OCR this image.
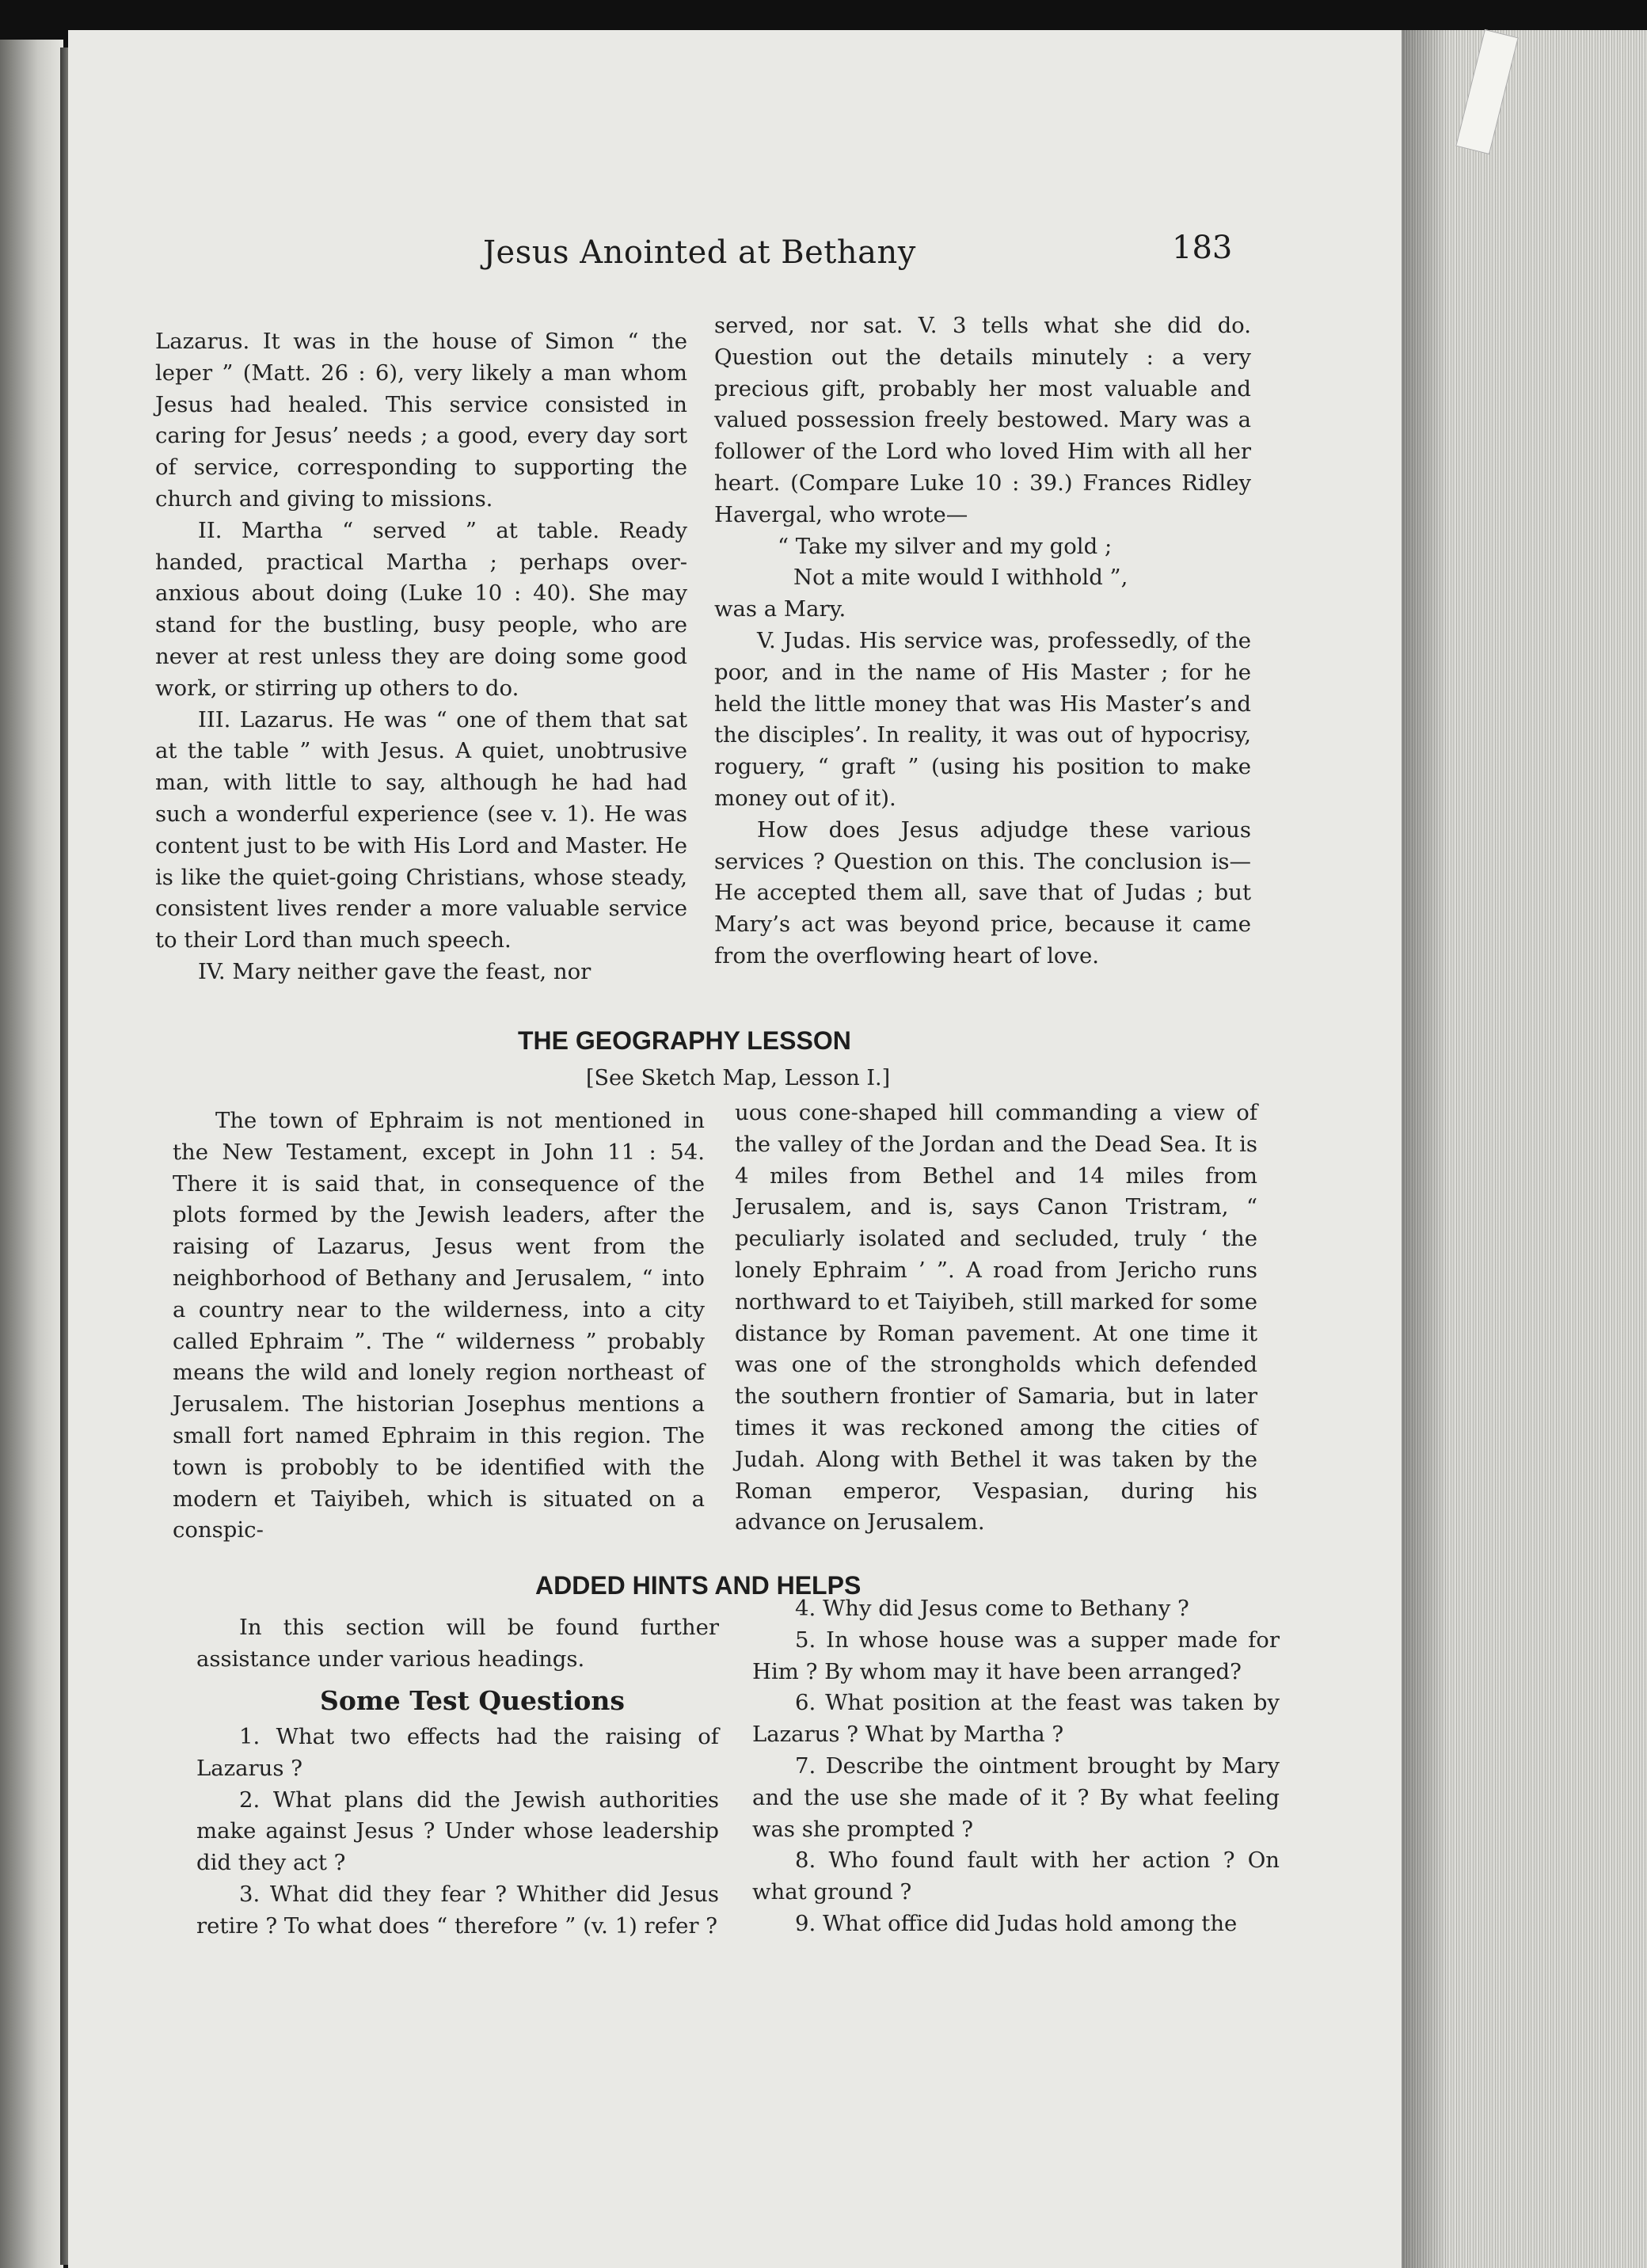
Jesus Anointed at Bethany	183

Lazarus. It was in the house of Simon “ the leper ” (Matt. 26 : 6), very likely a man whom Jesus had healed. This service consisted in caring for Jesus’ needs ; a good, every day sort of service, corresponding to supporting the church and giving to missions.

II. Martha “ served ” at table. Ready handed, practical Martha ; perhaps over-anxious about doing (Luke 10 : 40). She may stand for the bustling, busy people, who are never at rest unless they are doing some good work, or stirring up others to do.

III. Lazarus. He was “ one of them that sat at the table ” with Jesus. A quiet, unobtrusive man, with little to say, although he had had such a wonderful experience (see v. 1). He was content just to be with His Lord and Master. He is like the quiet-going Christians, whose steady, consistent lives render a more valuable service to their Lord than much speech.

IV. Mary neither gave the feast, nor

served, nor sat. V. 3 tells what she did do. Question out the details minutely : a very precious gift, probably her most valuable and valued possession freely bestowed. Mary was a follower of the Lord who loved Him with all her heart. (Compare Luke 10 : 39.) Frances Ridley Havergal, who wrote—

“ Take my silver and my gold ;

Not a mite would I withhold ”,

was a Mary.

V. Judas. His service was, professedly, of the poor, and in the name of His Master ; for he held the little money that was His Master’s and the disciples’. In reality, it was out of hypocrisy, roguery, “ graft ” (using his position to make money out of it).

How does Jesus adjudge these various services ? Question on this. The conclusion is—He accepted them all, save that of Judas ; but Mary’s act was beyond price, because it came from the overflowing heart of love.

THE GEOGRAPHY LESSON
[See Sketch Map, Lesson I.]

The town of Ephraim is not mentioned in the New Testament, except in John 11 : 54. There it is said that, in consequence of the plots formed by the Jewish leaders, after the raising of Lazarus, Jesus went from the neighborhood of Bethany and Jerusalem, “ into a country near to the wilderness, into a city called Ephraim ”. The “ wilderness ” probably means the wild and lonely region northeast of Jerusalem. The historian Josephus mentions a small fort named Ephraim in this region. The town is probobly to be identified with the modern et Taiyibeh, which is situated on a conspic-

uous cone-shaped hill commanding a view of the valley of the Jordan and the Dead Sea. It is 4 miles from Bethel and 14 miles from Jerusalem, and is, says Canon Tristram, “ peculiarly isolated and secluded, truly ‘ the lonely Ephraim ’ ”. A road from Jericho runs northward to et Taiyibeh, still marked for some distance by Roman pavement. At one time it was one of the strongholds which defended the southern frontier of Samaria, but in later times it was reckoned among the cities of Judah. Along with Bethel it was taken by the Roman emperor, Vespasian, during his advance on Jerusalem.

ADDED HINTS AND HELPS

In this section will be found further assistance under various headings.

Some Test Questions

1. What two effects had the raising of Lazarus ?

2. What plans did the Jewish authorities make against Jesus ? Under whose leadership did they act ?

3. What did they fear ? Whither did Jesus retire ? To what does “ therefore ” (v. 1) refer ?

4. Why did Jesus come to Bethany ?

5. In whose house was a supper made for Him ? By whom may it have been arranged?

6. What position at the feast was taken by Lazarus ? What by Martha ?

7. Describe the ointment brought by Mary and the use she made of it ? By what feeling was she prompted ?

8. Who found fault with her action ? On what ground ?

9. What office did Judas hold among the
